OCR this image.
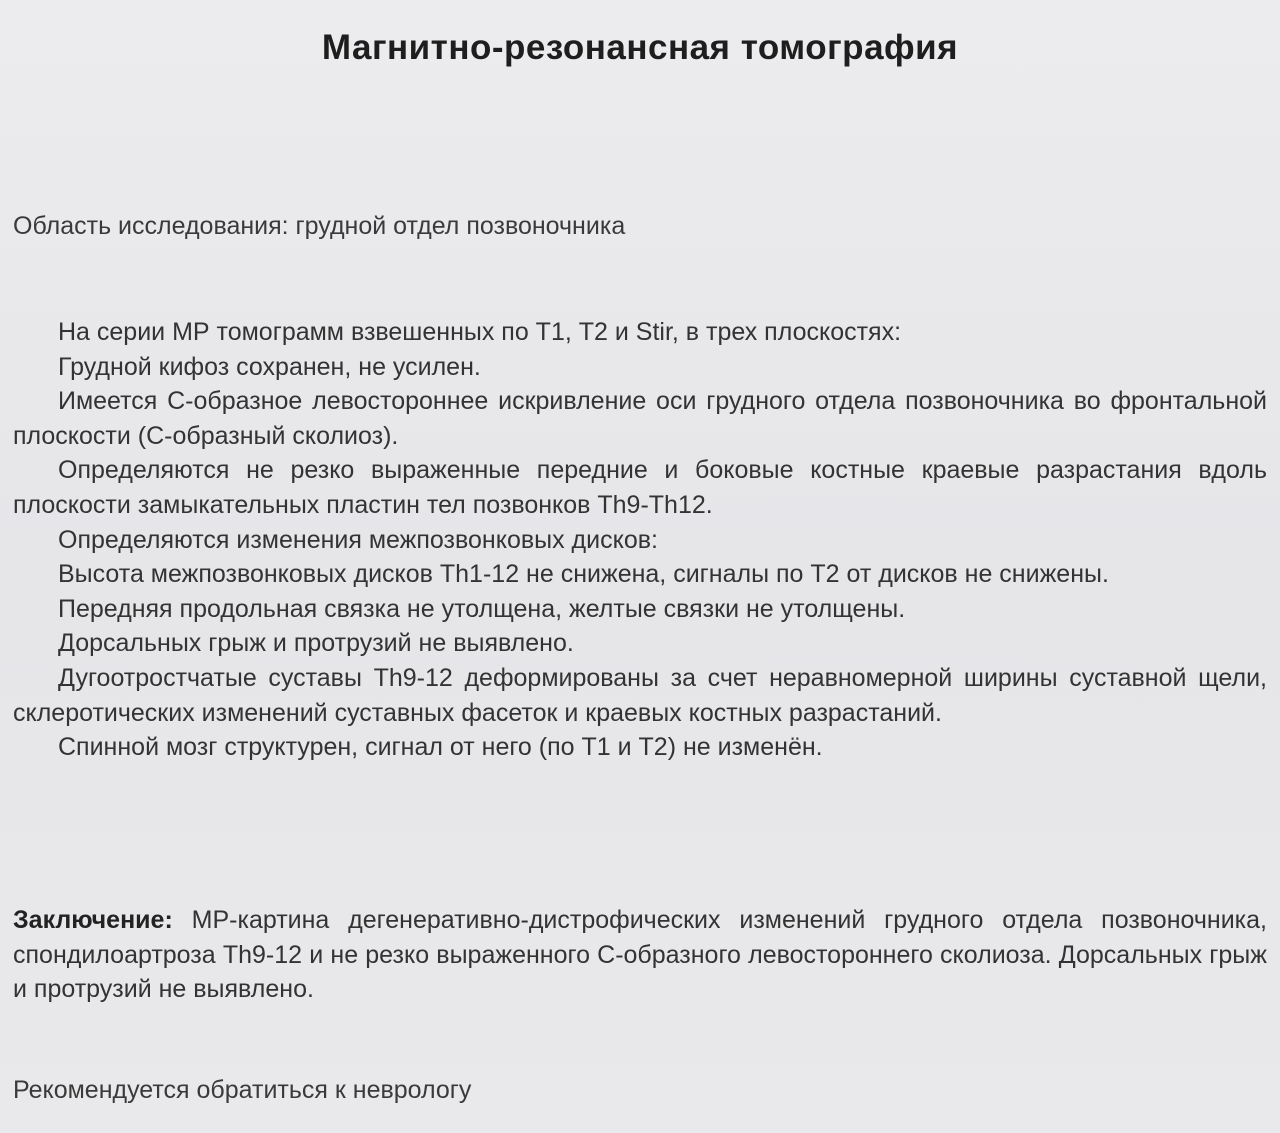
Магнитно-резонансная томография
Область исследования: грудной отдел позвоночника

На серии МР томограмм взвешенных по Т1, Т2 и Stir, в трех плоскостях:

Грудной кифоз сохранен, не усилен.

Имеется С-образное левостороннее искривление оси грудного отдела позвоночника во фронтальной плоскости (С-образный сколиоз).

Определяются не резко выраженные передние и боковые костные краевые разрастания вдоль плоскости замыкательных пластин тел позвонков Th9-Th12.

Определяются изменения межпозвонковых дисков:

Высота межпозвонковых дисков Th1-12 не снижена, сигналы по Т2 от дисков не снижены.

Передняя продольная связка не утолщена, желтые связки не утолщены.

Дорсальных грыж и протрузий не выявлено.

Дугоотростчатые суставы Th9-12 деформированы за счет неравномерной ширины суставной щели, склеротических изменений суставных фасеток и краевых костных разрастаний.

Спинной мозг структурен, сигнал от него (по Т1 и Т2) не изменён.

Заключение: МР-картина дегенеративно-дистрофических изменений грудного отдела позвоночника, спондилоартроза Th9-12 и не резко выраженного С-образного левостороннего сколиоза. Дорсальных грыж и протрузий не выявлено.
Рекомендуется обратиться к неврологу
